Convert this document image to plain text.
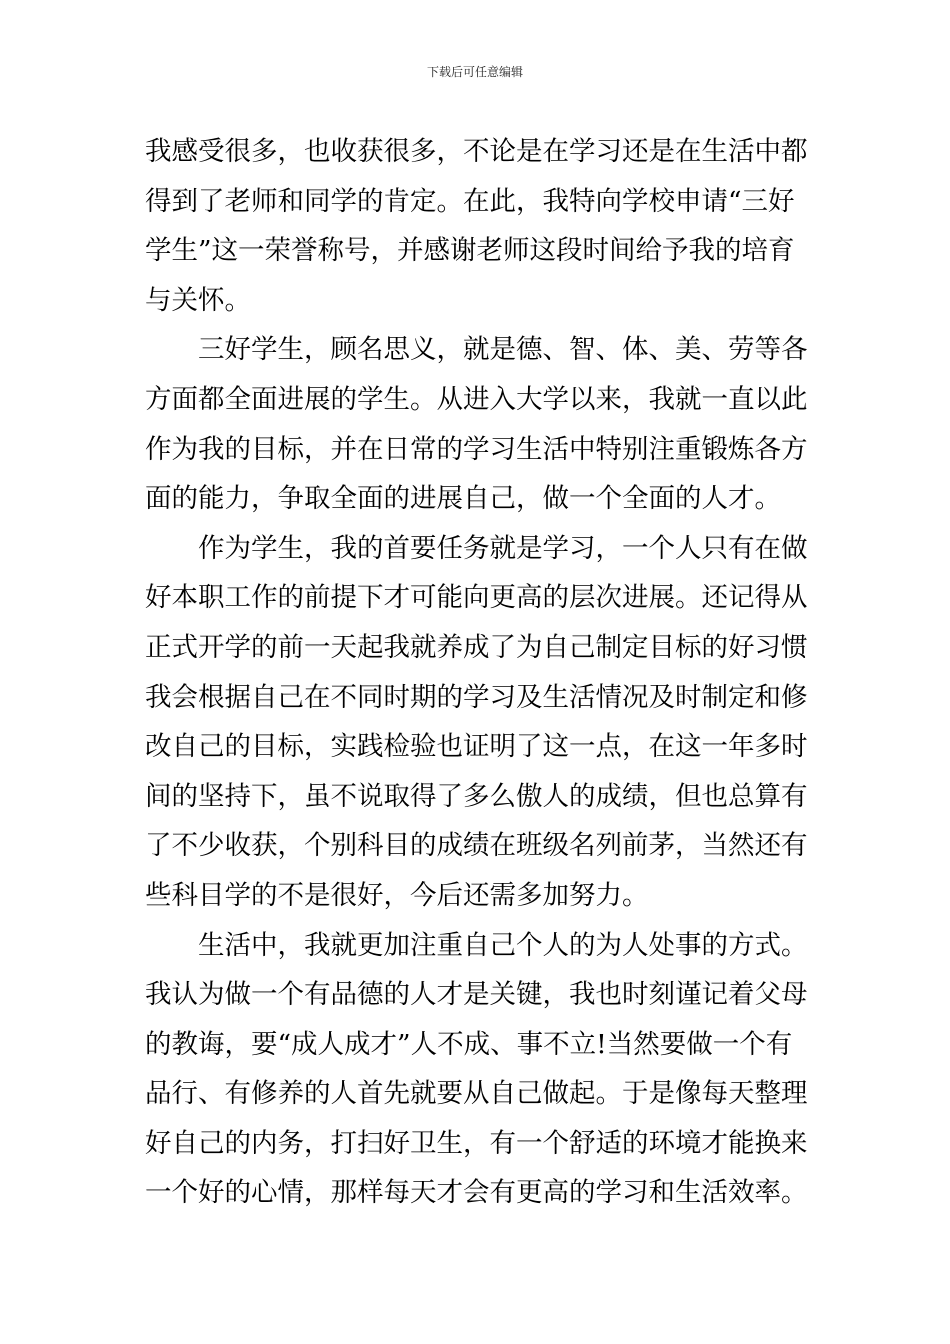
下载后可任意编辑
我感受很多，也收获很多，不论是在学习还是在生活中都
得到了老师和同学的肯定。在此，我特向学校申请“三好
学生”这一荣誉称号，并感谢老师这段时间给予我的培育
与关怀。
三好学生，顾名思义，就是德、智、体、美、劳等各
方面都全面进展的学生。从进入大学以来，我就一直以此
作为我的目标，并在日常的学习生活中特别注重锻炼各方
面的能力，争取全面的进展自己，做一个全面的人才。
作为学生，我的首要任务就是学习，一个人只有在做
好本职工作的前提下才可能向更高的层次进展。还记得从
正式开学的前一天起我就养成了为自己制定目标的好习惯
我会根据自己在不同时期的学习及生活情况及时制定和修
改自己的目标，实践检验也证明了这一点，在这一年多时
间的坚持下，虽不说取得了多么傲人的成绩，但也总算有
了不少收获，个别科目的成绩在班级名列前茅，当然还有
些科目学的不是很好，今后还需多加努力。
生活中，我就更加注重自己个人的为人处事的方式。
我认为做一个有品德的人才是关键，我也时刻谨记着父母
的教诲，要“成人成才”人不成、事不立!当然要做一个有
品行、有修养的人首先就要从自己做起。于是像每天整理
好自己的内务，打扫好卫生，有一个舒适的环境才能换来
一个好的心情，那样每天才会有更高的学习和生活效率。
